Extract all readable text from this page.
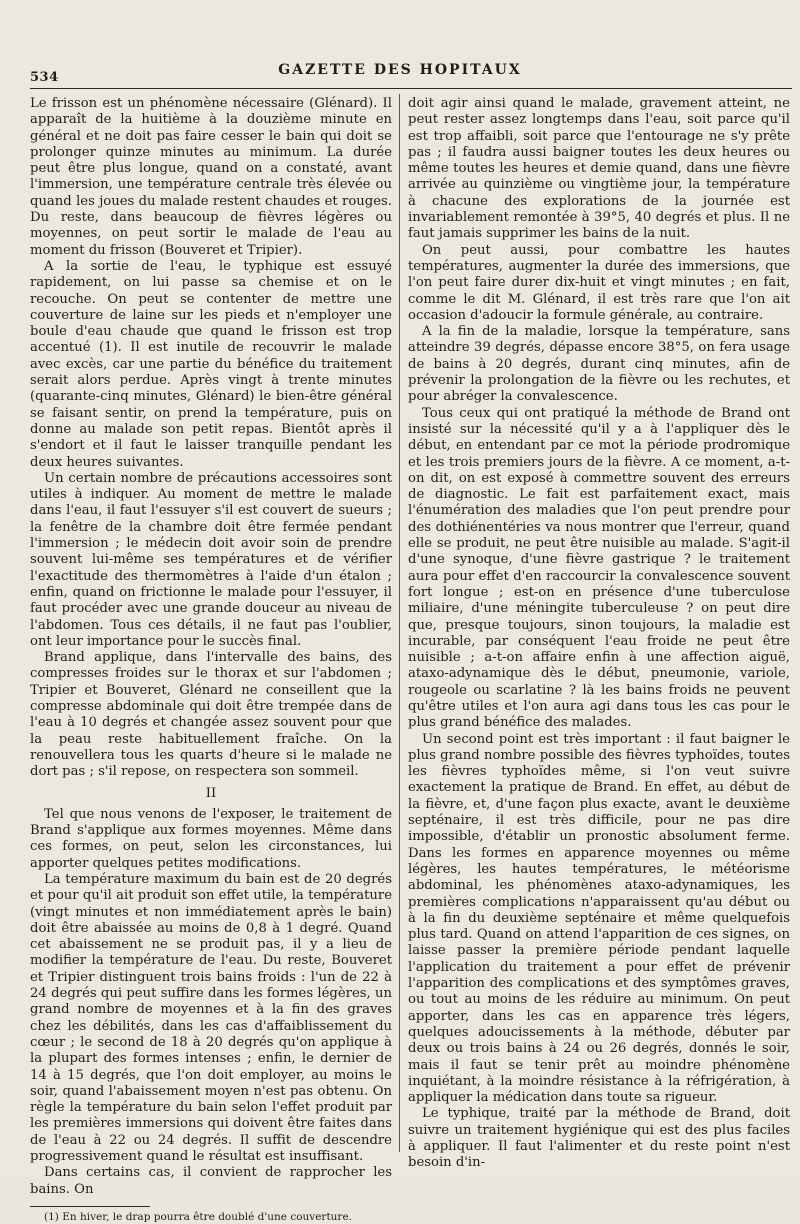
534	GAZETTE DES HOPITAUX

Le frisson est un phénomène nécessaire (Glénard). Il apparaît de la huitième à la douzième minute en général et ne doit pas faire cesser le bain qui doit se prolonger quinze minutes au minimum. La durée peut être plus longue, quand on a constaté, avant l'immersion, une température centrale très élevée ou quand les joues du malade restent chaudes et rouges. Du reste, dans beaucoup de fièvres légères ou moyennes, on peut sortir le malade de l'eau au moment du frisson (Bouveret et Tripier).

A la sortie de l'eau, le typhique est essuyé rapidement, on lui passe sa chemise et on le recouche. On peut se contenter de mettre une couverture de laine sur les pieds et n'employer une boule d'eau chaude que quand le frisson est trop accentué (1). Il est inutile de recouvrir le malade avec excès, car une partie du bénéfice du traitement serait alors perdue. Après vingt à trente minutes (quarante-cinq minutes, Glénard) le bien-être général se faisant sentir, on prend la température, puis on donne au malade son petit repas. Bientôt après il s'endort et il faut le laisser tranquille pendant les deux heures suivantes.

Un certain nombre de précautions accessoires sont utiles à indiquer. Au moment de mettre le malade dans l'eau, il faut l'essuyer s'il est couvert de sueurs ; la fenêtre de la chambre doit être fermée pendant l'immersion ; le médecin doit avoir soin de prendre souvent lui-même ses températures et de vérifier l'exactitude des thermomètres à l'aide d'un étalon ; enfin, quand on frictionne le malade pour l'essuyer, il faut procéder avec une grande douceur au niveau de l'abdomen. Tous ces détails, il ne faut pas l'oublier, ont leur importance pour le succès final.

Brand applique, dans l'intervalle des bains, des compresses froides sur le thorax et sur l'abdomen ; Tripier et Bouveret, Glénard ne conseillent que la compresse abdominale qui doit être trempée dans de l'eau à 10 degrés et changée assez souvent pour que la peau reste habituellement fraîche. On la renouvellera tous les quarts d'heure si le malade ne dort pas ; s'il repose, on respectera son sommeil.

II

Tel que nous venons de l'exposer, le traitement de Brand s'applique aux formes moyennes. Même dans ces formes, on peut, selon les circonstances, lui apporter quelques petites modifications.

La température maximum du bain est de 20 degrés et pour qu'il ait produit son effet utile, la température (vingt minutes et non immédiatement après le bain) doit être abaissée au moins de 0,8 à 1 degré. Quand cet abaissement ne se produit pas, il y a lieu de modifier la température de l'eau. Du reste, Bouveret et Tripier distinguent trois bains froids : l'un de 22 à 24 degrés qui peut suffire dans les formes légères, un grand nombre de moyennes et à la fin des graves chez les débilités, dans les cas d'affaiblissement du cœur ; le second de 18 à 20 degrés qu'on applique à la plupart des formes intenses ; enfin, le dernier de 14 à 15 degrés, que l'on doit employer, au moins le soir, quand l'abaissement moyen n'est pas obtenu. On règle la température du bain selon l'effet produit par les premières immersions qui doivent être faites dans de l'eau à 22 ou 24 degrés. Il suffit de descendre progressivement quand le résultat est insuffisant.

Dans certains cas, il convient de rapprocher les bains. On

(1) En hiver, le drap pourra être doublé d'une couverture.

doit agir ainsi quand le malade, gravement atteint, ne peut rester assez longtemps dans l'eau, soit parce qu'il est trop affaibli, soit parce que l'entourage ne s'y prête pas ; il faudra aussi baigner toutes les deux heures ou même toutes les heures et demie quand, dans une fièvre arrivée au quinzième ou vingtième jour, la température à chacune des explorations de la journée est invariablement remontée à 39°5, 40 degrés et plus. Il ne faut jamais supprimer les bains de la nuit.

On peut aussi, pour combattre les hautes températures, augmenter la durée des immersions, que l'on peut faire durer dix-huit et vingt minutes ; en fait, comme le dit M. Glénard, il est très rare que l'on ait occasion d'adoucir la formule générale, au contraire.

A la fin de la maladie, lorsque la température, sans atteindre 39 degrés, dépasse encore 38°5, on fera usage de bains à 20 degrés, durant cinq minutes, afin de prévenir la prolongation de la fièvre ou les rechutes, et pour abréger la convalescence.

Tous ceux qui ont pratiqué la méthode de Brand ont insisté sur la nécessité qu'il y a à l'appliquer dès le début, en entendant par ce mot la période prodromique et les trois premiers jours de la fièvre. A ce moment, a-t-on dit, on est exposé à commettre souvent des erreurs de diagnostic. Le fait est parfaitement exact, mais l'énumération des maladies que l'on peut prendre pour des dothiénentéries va nous montrer que l'erreur, quand elle se produit, ne peut être nuisible au malade. S'agit-il d'une synoque, d'une fièvre gastrique ? le traitement aura pour effet d'en raccourcir la convalescence souvent fort longue ; est-on en présence d'une tuberculose miliaire, d'une méningite tuberculeuse ? on peut dire que, presque toujours, sinon toujours, la maladie est incurable, par conséquent l'eau froide ne peut être nuisible ; a-t-on affaire enfin à une affection aiguë, ataxo-adynamique dès le début, pneumonie, variole, rougeole ou scarlatine ? là les bains froids ne peuvent qu'être utiles et l'on aura agi dans tous les cas pour le plus grand bénéfice des malades.

Un second point est très important : il faut baigner le plus grand nombre possible des fièvres typhoïdes, toutes les fièvres typhoïdes même, si l'on veut suivre exactement la pratique de Brand. En effet, au début de la fièvre, et, d'une façon plus exacte, avant le deuxième septénaire, il est très difficile, pour ne pas dire impossible, d'établir un pronostic absolument ferme. Dans les formes en apparence moyennes ou même légères, les hautes températures, le météorisme abdominal, les phénomènes ataxo-adynamiques, les premières complications n'apparaissent qu'au début ou à la fin du deuxième septénaire et même quelquefois plus tard. Quand on attend l'apparition de ces signes, on laisse passer la première période pendant laquelle l'application du traitement a pour effet de prévenir l'apparition des complications et des symptômes graves, ou tout au moins de les réduire au minimum. On peut apporter, dans les cas en apparence très légers, quelques adoucissements à la méthode, débuter par deux ou trois bains à 24 ou 26 degrés, donnés le soir, mais il faut se tenir prêt au moindre phénomène inquiétant, à la moindre résistance à la réfrigération, à appliquer la médication dans toute sa rigueur.

Le typhique, traité par la méthode de Brand, doit suivre un traitement hygiénique qui est des plus faciles à appliquer. Il faut l'alimenter et du reste point n'est besoin d'in-
